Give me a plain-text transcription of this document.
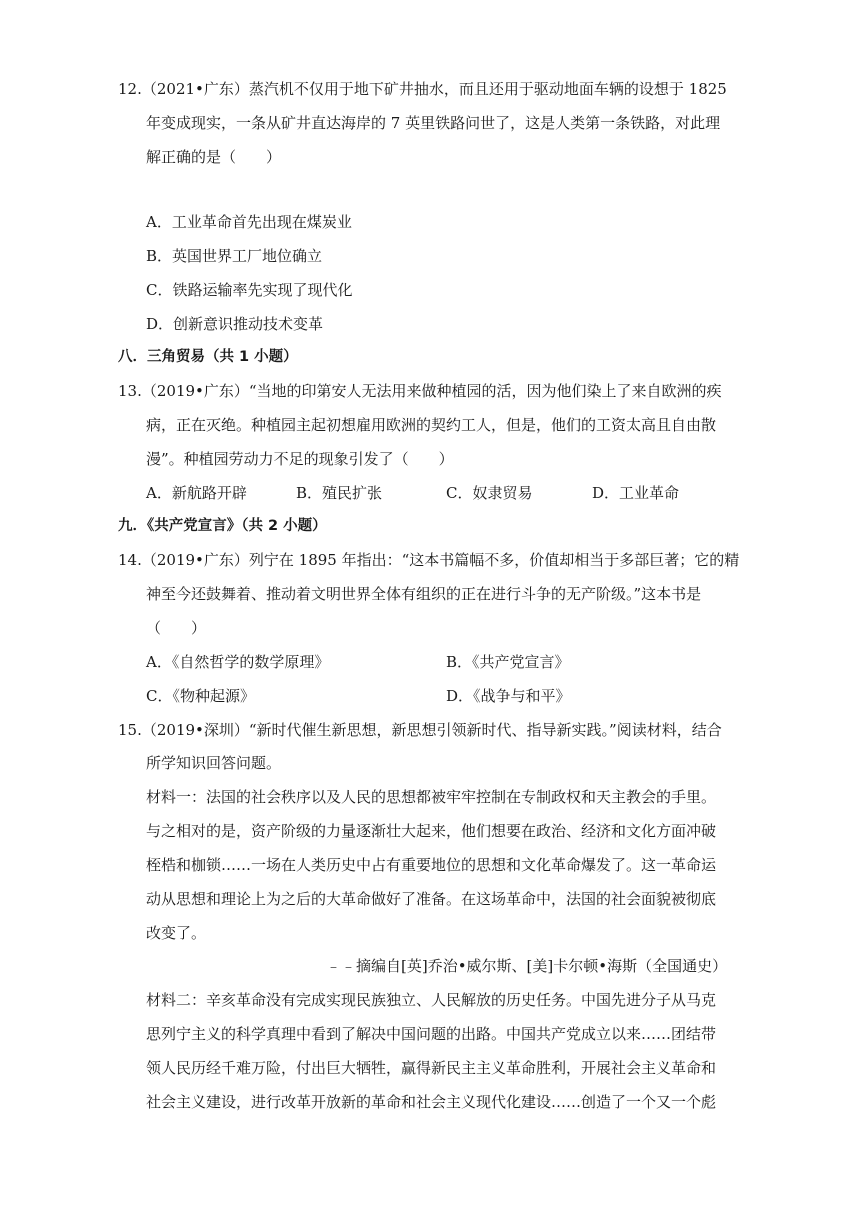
12.（2021•广东）蒸汽机不仅用于地下矿井抽水，而且还用于驱动地面车辆的设想于 1825
年变成现实，一条从矿井直达海岸的 7 英里铁路问世了，这是人类第一条铁路，对此理
解正确的是（　　）
A．工业革命首先出现在煤炭业
B．英国世界工厂地位确立
C．铁路运输率先实现了现代化
D．创新意识推动技术变革
八．三角贸易（共 1 小题）
13.（2019•广东）“当地的印第安人无法用来做种植园的活，因为他们染上了来自欧洲的疾
病，正在灭绝。种植园主起初想雇用欧洲的契约工人，但是，他们的工资太高且自由散
漫”。种植园劳动力不足的现象引发了（　　）
A．新航路开辟	B．殖民扩张	C．奴隶贸易	D．工业革命
九．《共产党宣言》（共 2 小题）
14.（2019•广东）列宁在 1895 年指出：“这本书篇幅不多，价值却相当于多部巨著；它的精
神至今还鼓舞着、推动着文明世界全体有组织的正在进行斗争的无产阶级。”这本书是
（　　）
A．《自然哲学的数学原理》	B．《共产党宣言》
C．《物种起源》	D．《战争与和平》
15.（2019•深圳）“新时代催生新思想，新思想引领新时代、指导新实践。”阅读材料，结合
所学知识回答问题。
材料一：法国的社会秩序以及人民的思想都被牢牢控制在专制政权和天主教会的手里。
与之相对的是，资产阶级的力量逐渐壮大起来，他们想要在政治、经济和文化方面冲破
桎梏和枷锁……一场在人类历史中占有重要地位的思想和文化革命爆发了。这一革命运
动从思想和理论上为之后的大革命做好了准备。在这场革命中，法国的社会面貌被彻底
改变了。
﹣﹣摘编自[英]乔治•威尔斯、[美]卡尔顿•海斯（全国通史）
材料二：辛亥革命没有完成实现民族独立、人民解放的历史任务。中国先进分子从马克
思列宁主义的科学真理中看到了解决中国问题的出路。中国共产党成立以来……团结带
领人民历经千难万险，付出巨大牺牲，赢得新民主主义革命胜利，开展社会主义革命和
社会主义建设，进行改革开放新的革命和社会主义现代化建设……创造了一个又一个彪
